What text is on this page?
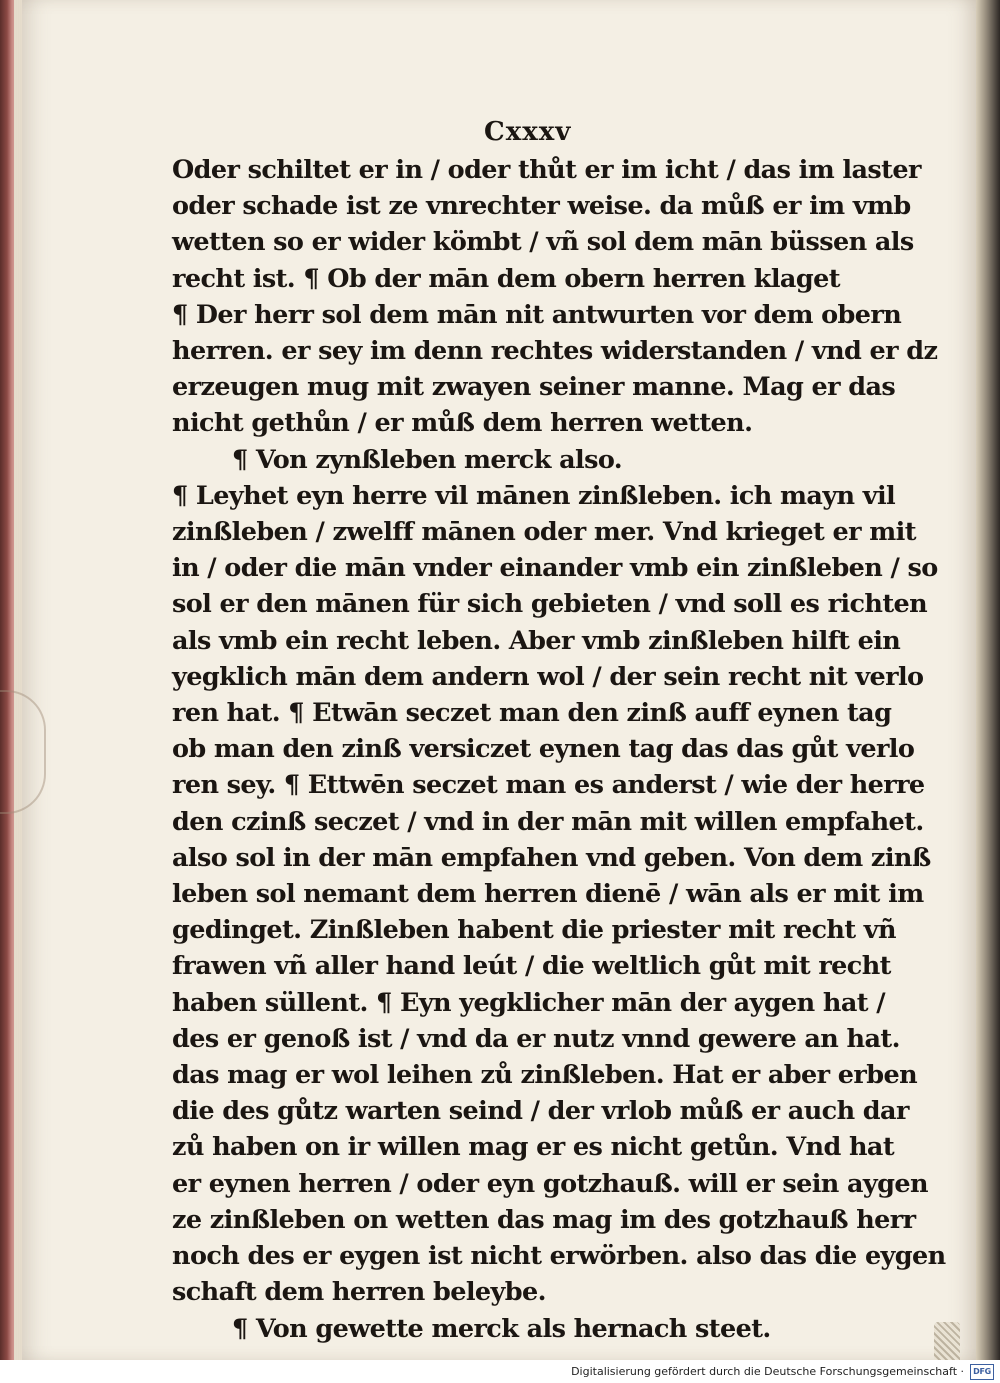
Cxxxv

Oder schiltet er in / oder thůt er im icht / das im laster
oder schade ist ze vnrechter weise. da můß er im vmb
wetten so er wider kömbt / vñ sol dem mān büssen als
recht ist. ¶ Ob der mān dem obern herren klaget
¶ Der herr sol dem mān nit antwurten vor dem obern
herren. er sey im denn rechtes widerstanden / vnd er dz
erzeugen mug mit zwayen seiner manne. Mag er das
nicht gethůn / er můß dem herren wetten.
¶ Von zynßleben merck also.
¶ Leyhet eyn herre vil mānen zinßleben. ich mayn vil
zinßleben / zwelff mānen oder mer. Vnd krieget er mit
in / oder die mān vnder einander vmb ein zinßleben / so
sol er den mānen für sich gebieten / vnd soll es richten
als vmb ein recht leben. Aber vmb zinßleben hilft ein
yegklich mān dem andern wol / der sein recht nit verlo
ren hat. ¶ Etwān seczet man den zinß auff eynen tag
ob man den zinß versiczet eynen tag das das gůt verlo
ren sey. ¶ Ettwēn seczet man es anderst / wie der herre
den czinß seczet / vnd in der mān mit willen empfahet.
also sol in der mān empfahen vnd geben. Von dem zinß
leben sol nemant dem herren dienē / wān als er mit im
gedinget. Zinßleben habent die priester mit recht vñ
frawen vñ aller hand leút / die weltlich gůt mit recht
haben süllent. ¶ Eyn yegklicher mān der aygen hat /
des er genoß ist / vnd da er nutz vnnd gewere an hat.
das mag er wol leihen zů zinßleben. Hat er aber erben
die des gůtz warten seind / der vrlob můß er auch dar
zů haben on ir willen mag er es nicht getůn. Vnd hat
er eynen herren / oder eyn gotzhauß. will er sein aygen
ze zinßleben on wetten das mag im des gotzhauß herr
noch des er eygen ist nicht erwörben. also das die eygen
schaft dem herren beleybe.
¶ Von gewette merck als hernach steet.
Digitalisierung gefördert durch die Deutsche Forschungsgemeinschaft ·	DFG
